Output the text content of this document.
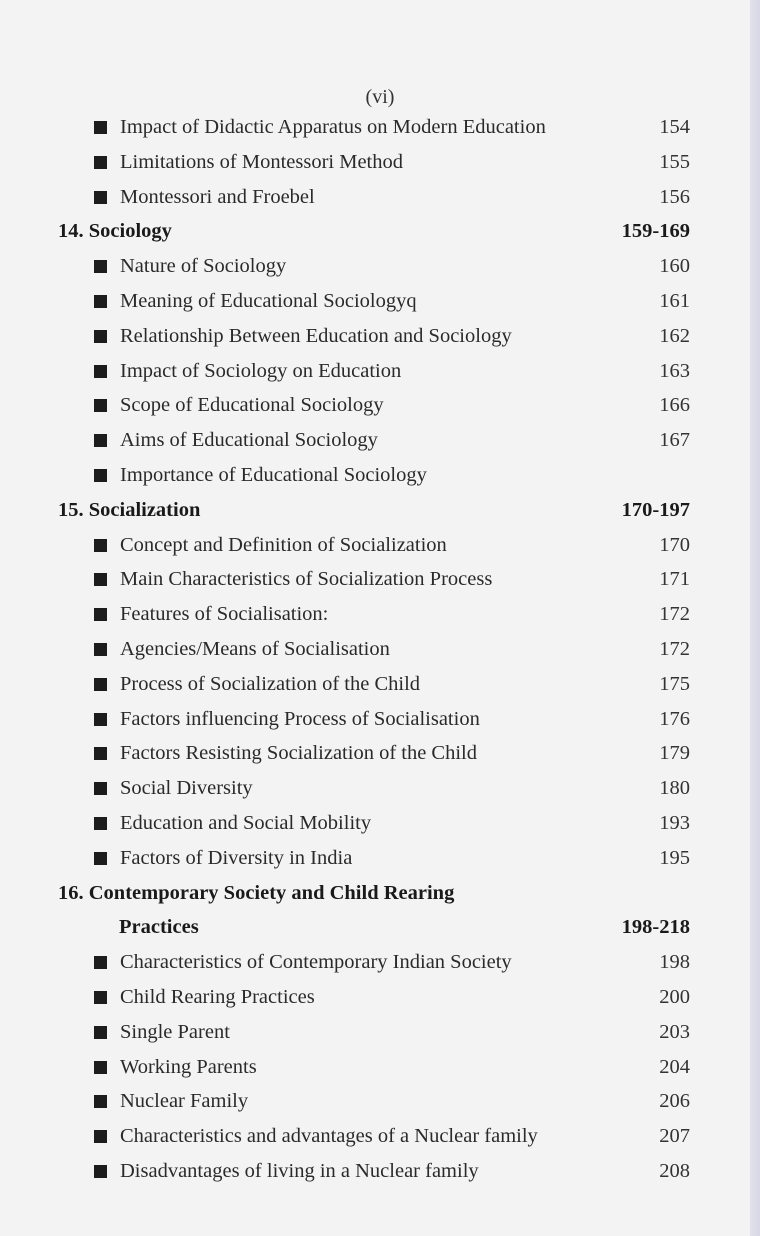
(vi)
Impact of Didactic Apparatus on Modern Education	154
Limitations of Montessori Method	155
Montessori and Froebel	156
14. Sociology	159-169
Nature of Sociology	160
Meaning of Educational Sociologyq	161
Relationship Between Education and Sociology	162
Impact of Sociology on Education	163
Scope of Educational Sociology	166
Aims of Educational Sociology	167
Importance of Educational Sociology
15. Socialization	170-197
Concept and Definition of Socialization	170
Main Characteristics of Socialization Process	171
Features of Socialisation:	172
Agencies/Means of Socialisation	172
Process of Socialization of the Child	175
Factors influencing Process of Socialisation	176
Factors Resisting Socialization of the Child	179
Social Diversity	180
Education and Social Mobility	193
Factors of Diversity in India	195
16. Contemporary Society and Child Rearing
Practices	198-218
Characteristics of Contemporary Indian Society	198
Child Rearing Practices	200
Single Parent	203
Working Parents	204
Nuclear Family	206
Characteristics and advantages of a Nuclear family	207
Disadvantages of living in a Nuclear family	208
